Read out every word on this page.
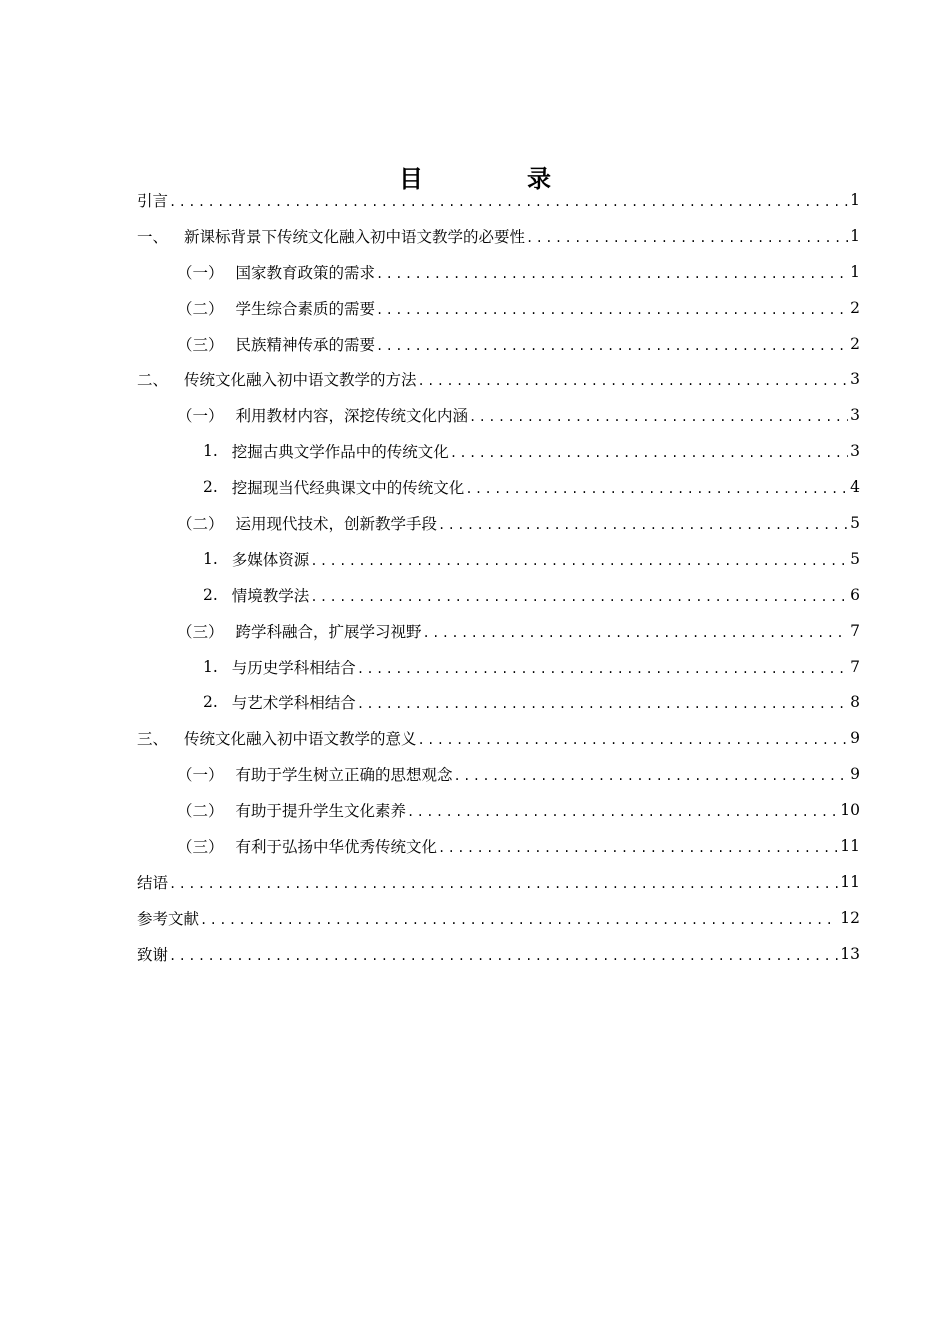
目　录
引言 .....	1
一、 新课标背景下传统文化融入初中语文教学的必要性 .....	1
（一） 国家教育政策的需求 .....	1
（二） 学生综合素质的需要 .....	2
（三） 民族精神传承的需要 .....	2
二、 传统文化融入初中语文教学的方法 .....	3
（一） 利用教材内容，深挖传统文化内涵 .....	3
1. 挖掘古典文学作品中的传统文化 .....	3
2. 挖掘现当代经典课文中的传统文化 .....	4
（二） 运用现代技术，创新教学手段 .....	5
1. 多媒体资源 .....	5
2. 情境教学法 .....	6
（三） 跨学科融合，扩展学习视野 .....	7
1. 与历史学科相结合 .....	7
2. 与艺术学科相结合 .....	8
三、 传统文化融入初中语文教学的意义 .....	9
（一） 有助于学生树立正确的思想观念 .....	9
（二） 有助于提升学生文化素养 .....	10
（三） 有利于弘扬中华优秀传统文化 .....	11
结语 .....	11
参考文献 .....	12
致谢 .....	13
